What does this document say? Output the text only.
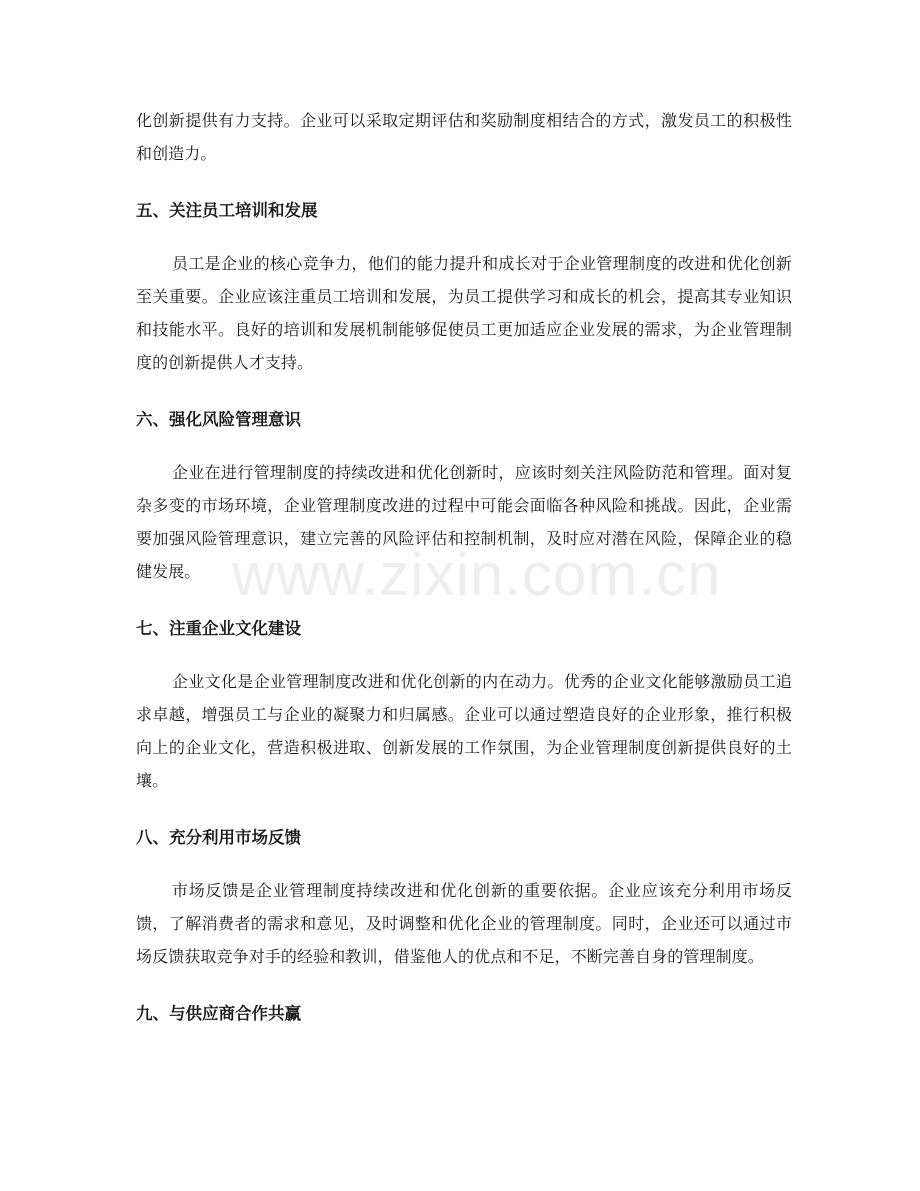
www.zixin.com.cn

化创新提供有力支持。企业可以采取定期评估和奖励制度相结合的方式，激发员工的积极性和创造力。

五、关注员工培训和发展

员工是企业的核心竞争力，他们的能力提升和成长对于企业管理制度的改进和优化创新至关重要。企业应该注重员工培训和发展，为员工提供学习和成长的机会，提高其专业知识和技能水平。良好的培训和发展机制能够促使员工更加适应企业发展的需求，为企业管理制度的创新提供人才支持。

六、强化风险管理意识

企业在进行管理制度的持续改进和优化创新时，应该时刻关注风险防范和管理。面对复杂多变的市场环境，企业管理制度改进的过程中可能会面临各种风险和挑战。因此，企业需要加强风险管理意识，建立完善的风险评估和控制机制，及时应对潜在风险，保障企业的稳健发展。

七、注重企业文化建设

企业文化是企业管理制度改进和优化创新的内在动力。优秀的企业文化能够激励员工追求卓越，增强员工与企业的凝聚力和归属感。企业可以通过塑造良好的企业形象，推行积极向上的企业文化，营造积极进取、创新发展的工作氛围，为企业管理制度创新提供良好的土壤。

八、充分利用市场反馈

市场反馈是企业管理制度持续改进和优化创新的重要依据。企业应该充分利用市场反馈，了解消费者的需求和意见，及时调整和优化企业的管理制度。同时，企业还可以通过市场反馈获取竞争对手的经验和教训，借鉴他人的优点和不足，不断完善自身的管理制度。

九、与供应商合作共赢
